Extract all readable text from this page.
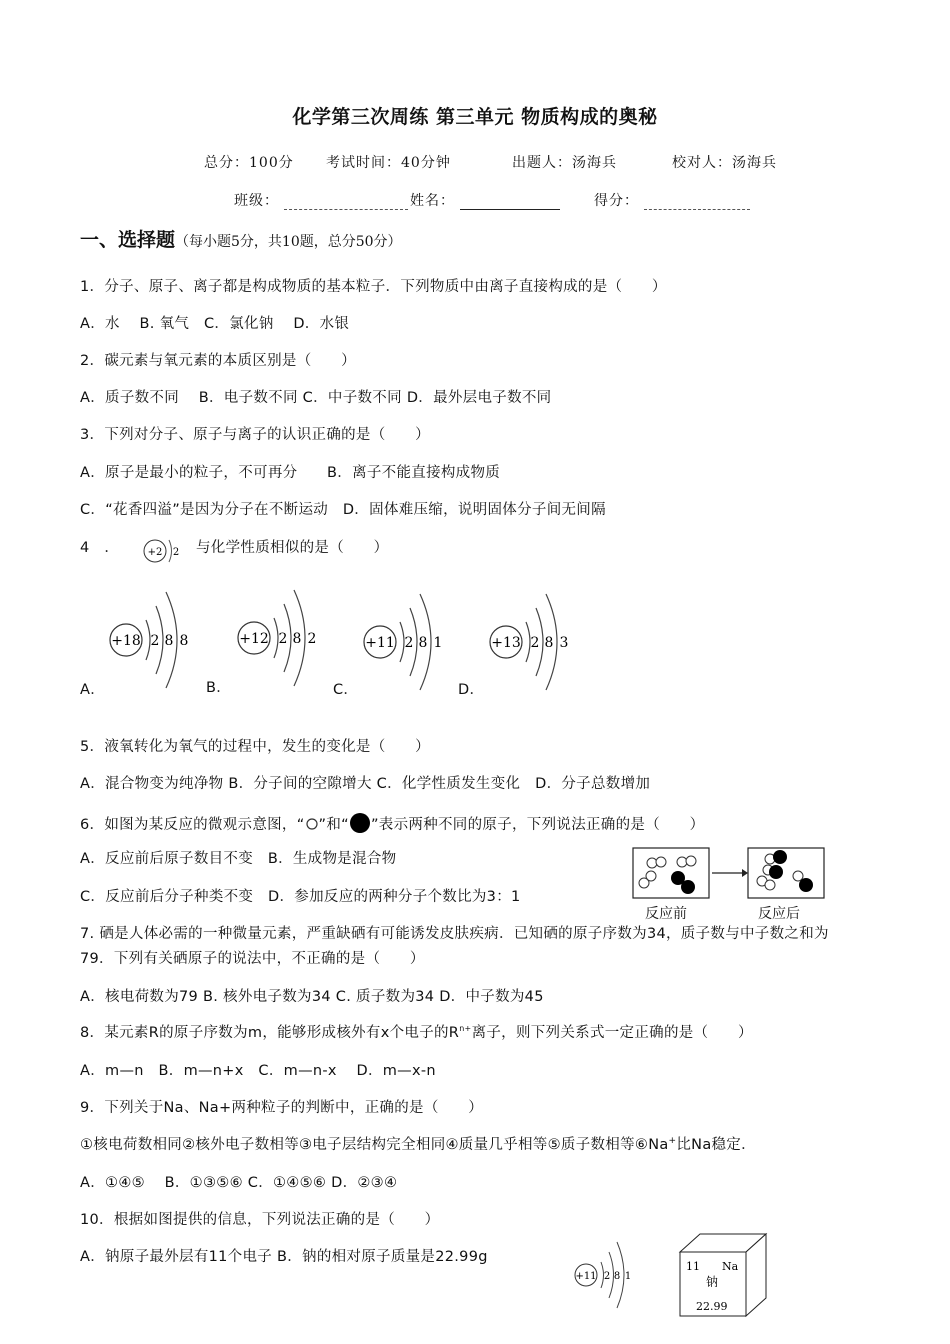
化学第三次周练 第三单元 物质构成的奥秘
总分：100分 考试时间：40分钟	出题人：汤海兵	校对人：汤海兵
班级：	姓名：	得分：
一、选择题（每小题5分，共10题，总分50分）
1．分子、原子、离子都是构成物质的基本粒子．下列物质中由离子直接构成的是（　　）
A．水　 B. 氧气　C．氯化钠　 D．水银
2．碳元素与氧元素的本质区别是（　　）
A．质子数不同　 B．电子数不同 C．中子数不同 D．最外层电子数不同
3．下列对分子、原子与离子的认识正确的是（　　）
A．原子是最小的粒子，不可再分　　B．离子不能直接构成物质
C．“花香四溢”是因为分子在不断运动　D．固体难压缩，说明固体分子间无间隔
4　．	+2 2 与化学性质相似的是（　　）
+18 2 8 8	+12 2 8 2	+11 2 8 1	+13 2 8 3
A．	B．	C．	D．
5．液氧转化为氧气的过程中，发生的变化是（　　）
A．混合物变为纯净物 B．分子间的空隙增大 C．化学性质发生变化　D．分子总数增加
6．如图为某反应的微观示意图，“ ”和“ ”表示两种不同的原子，下列说法正确的是（　　）
A．反应前后原子数目不变　B．生成物是混合物
C．反应前后分子种类不变　D．参加反应的两种分子个数比为3：1
反应前	反应后
7. 硒是人体必需的一种微量元素，严重缺硒有可能诱发皮肤疾病．已知硒的原子序数为34，质子数与中子数之和为
79．下列有关硒原子的说法中，不正确的是（　　）
A．核电荷数为79 B. 核外电子数为34 C. 质子数为34 D．中子数为45
8．某元素R的原子序数为m，能够形成核外有x个电子的$R^{n+}$离子，则下列关系式一定正确的是（　　）
A．m—n　B．m—n+x　C．m—n-x　 D．m—x-n
9．下列关于Na、Na+两种粒子的判断中，正确的是（　　）
①核电荷数相同②核外电子数相等③电子层结构完全相同④质量几乎相等⑤质子数相等⑥Na+比Na稳定．
A．①④⑤　 B．①③⑤⑥ C．①④⑤⑥ D．②③④
10．根据如图提供的信息，下列说法正确的是（　　）
A．钠原子最外层有11个电子 B．钠的相对原子质量是22.99g
+11 2 8 1
11 Na
钠
22.99
